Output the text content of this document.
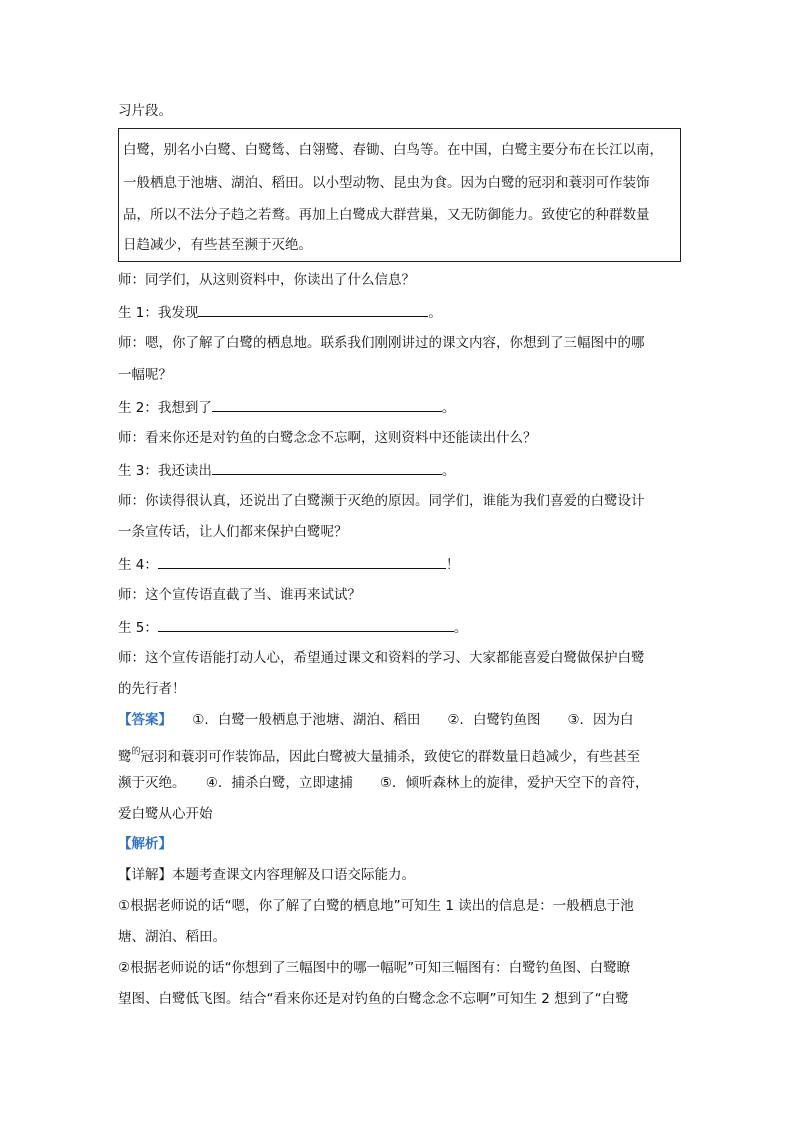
习片段。
白鹭，别名小白鹭、白鹭鸶、白翎鹭、春锄、白鸟等。在中国，白鹭主要分布在长江以南，
一般栖息于池塘、湖泊、稻田。以小型动物、昆虫为食。因为白鹭的冠羽和蓑羽可作装饰
品，所以不法分子趋之若鹜。再加上白鹭成大群营巢，又无防御能力。致使它的种群数量
日趋减少，有些甚至濒于灭绝。
师：同学们，从这则资料中，你读出了什么信息？
生 1：我发现	。
师：嗯，你了解了白鹭的栖息地。联系我们刚刚讲过的课文内容，你想到了三幅图中的哪
一幅呢？
生 2：我想到了	。
师：看来你还是对钓鱼的白鹭念念不忘啊，这则资料中还能读出什么？
生 3：我还读出	。
师：你读得很认真，还说出了白鹭濒于灭绝的原因。同学们，谁能为我们喜爱的白鹭设计
一条宣传话，让人们都来保护白鹭呢？
生 4：	！
师：这个宣传语直截了当、谁再来试试？
生 5：	。
师：这个宣传语能打动人心，希望通过课文和资料的学习、大家都能喜爱白鹭做保护白鹭
的先行者！
【答案】　　 ①．白鹭一般栖息于池塘、湖泊、稻田　　②．白鹭钓鱼图　　③．因为白
鹭$^的$冠羽和蓑羽可作装饰品，因此白鹭被大量捕杀，致使它的群数量日趋减少，有些甚至
濒于灭绝。　　④．捕杀白鹭，立即逮捕　　⑤．倾听森林上的旋律，爱护天空下的音符，
爱白鹭从心开始
【解析】
【详解】本题考查课文内容理解及口语交际能力。
①根据老师说的话“嗯，你了解了白鹭的栖息地”可知生 1 读出的信息是：一般栖息于池
塘、湖泊、稻田。
②根据老师说的话“你想到了三幅图中的哪一幅呢”可知三幅图有：白鹭钓鱼图、白鹭瞭
望图、白鹭低飞图。结合“看来你还是对钓鱼的白鹭念念不忘啊”可知生 2 想到了“白鹭
